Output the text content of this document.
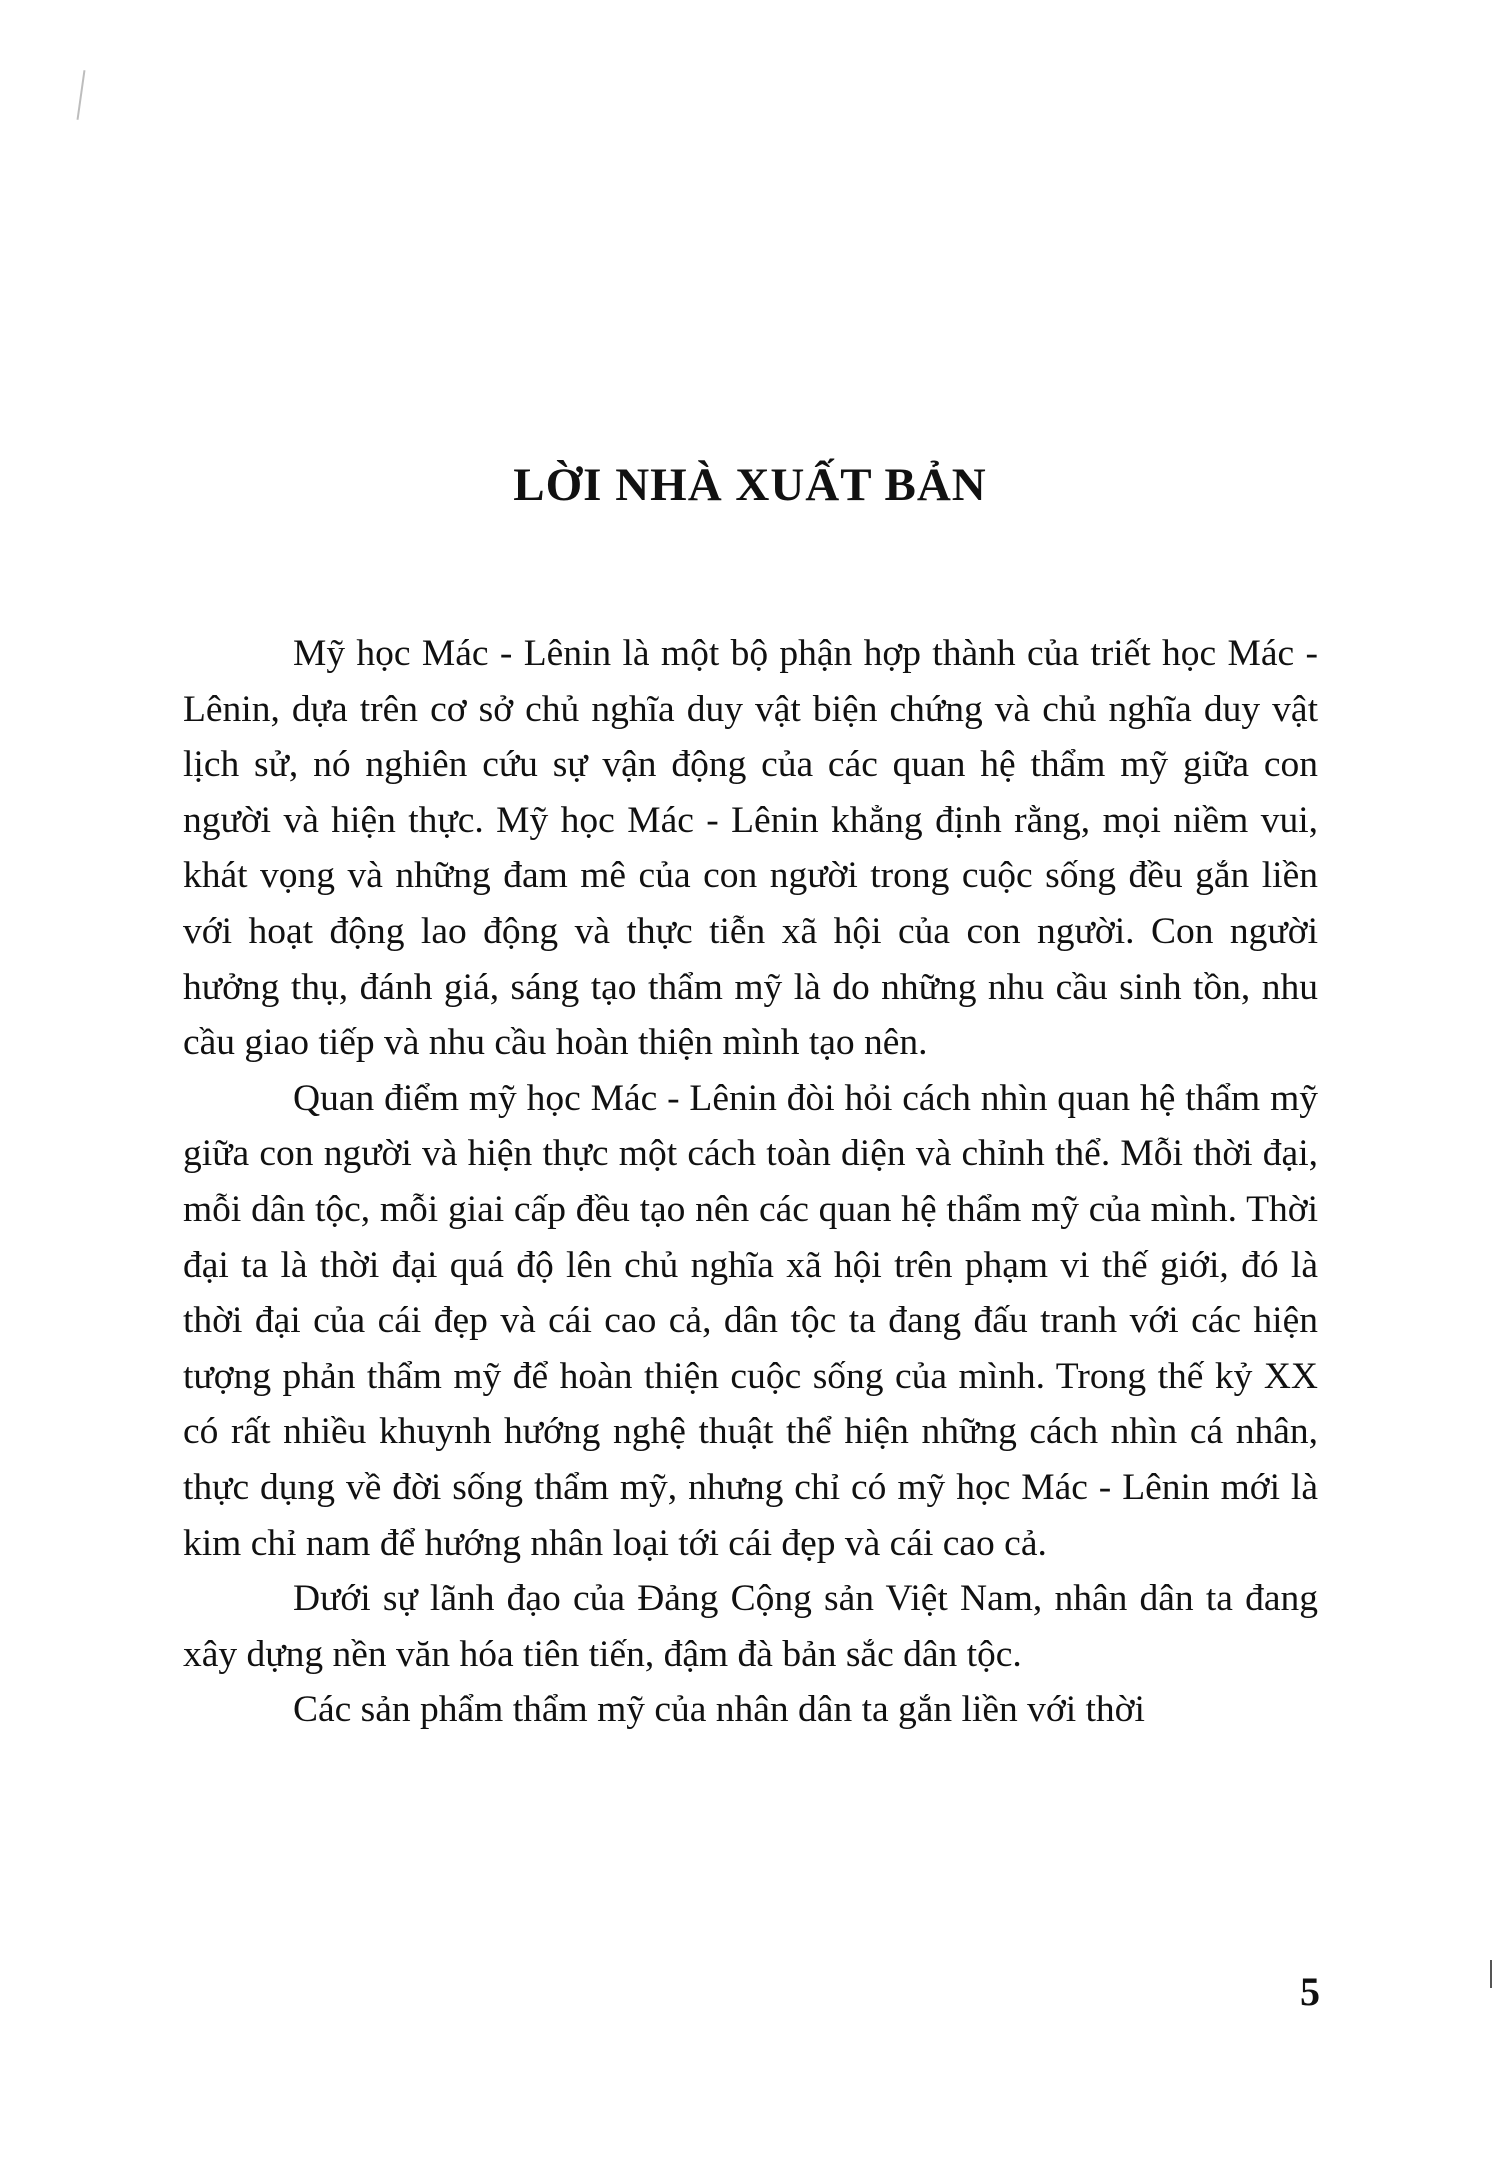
LỜI NHÀ XUẤT BẢN

Mỹ học Mác - Lênin là một bộ phận hợp thành của triết học Mác - Lênin, dựa trên cơ sở chủ nghĩa duy vật biện chứng và chủ nghĩa duy vật lịch sử, nó nghiên cứu sự vận động của các quan hệ thẩm mỹ giữa con người và hiện thực. Mỹ học Mác - Lênin khẳng định rằng, mọi niềm vui, khát vọng và những đam mê của con người trong cuộc sống đều gắn liền với hoạt động lao động và thực tiễn xã hội của con người. Con người hưởng thụ, đánh giá, sáng tạo thẩm mỹ là do những nhu cầu sinh tồn, nhu cầu giao tiếp và nhu cầu hoàn thiện mình tạo nên.

Quan điểm mỹ học Mác - Lênin đòi hỏi cách nhìn quan hệ thẩm mỹ giữa con người và hiện thực một cách toàn diện và chỉnh thể. Mỗi thời đại, mỗi dân tộc, mỗi giai cấp đều tạo nên các quan hệ thẩm mỹ của mình. Thời đại ta là thời đại quá độ lên chủ nghĩa xã hội trên phạm vi thế giới, đó là thời đại của cái đẹp và cái cao cả, dân tộc ta đang đấu tranh với các hiện tượng phản thẩm mỹ để hoàn thiện cuộc sống của mình. Trong thế kỷ XX có rất nhiều khuynh hướng nghệ thuật thể hiện những cách nhìn cá nhân, thực dụng về đời sống thẩm mỹ, nhưng chỉ có mỹ học Mác - Lênin mới là kim chỉ nam để hướng nhân loại tới cái đẹp và cái cao cả.

Dưới sự lãnh đạo của Đảng Cộng sản Việt Nam, nhân dân ta đang xây dựng nền văn hóa tiên tiến, đậm đà bản sắc dân tộc.

Các sản phẩm thẩm mỹ của nhân dân ta gắn liền với thời

5
